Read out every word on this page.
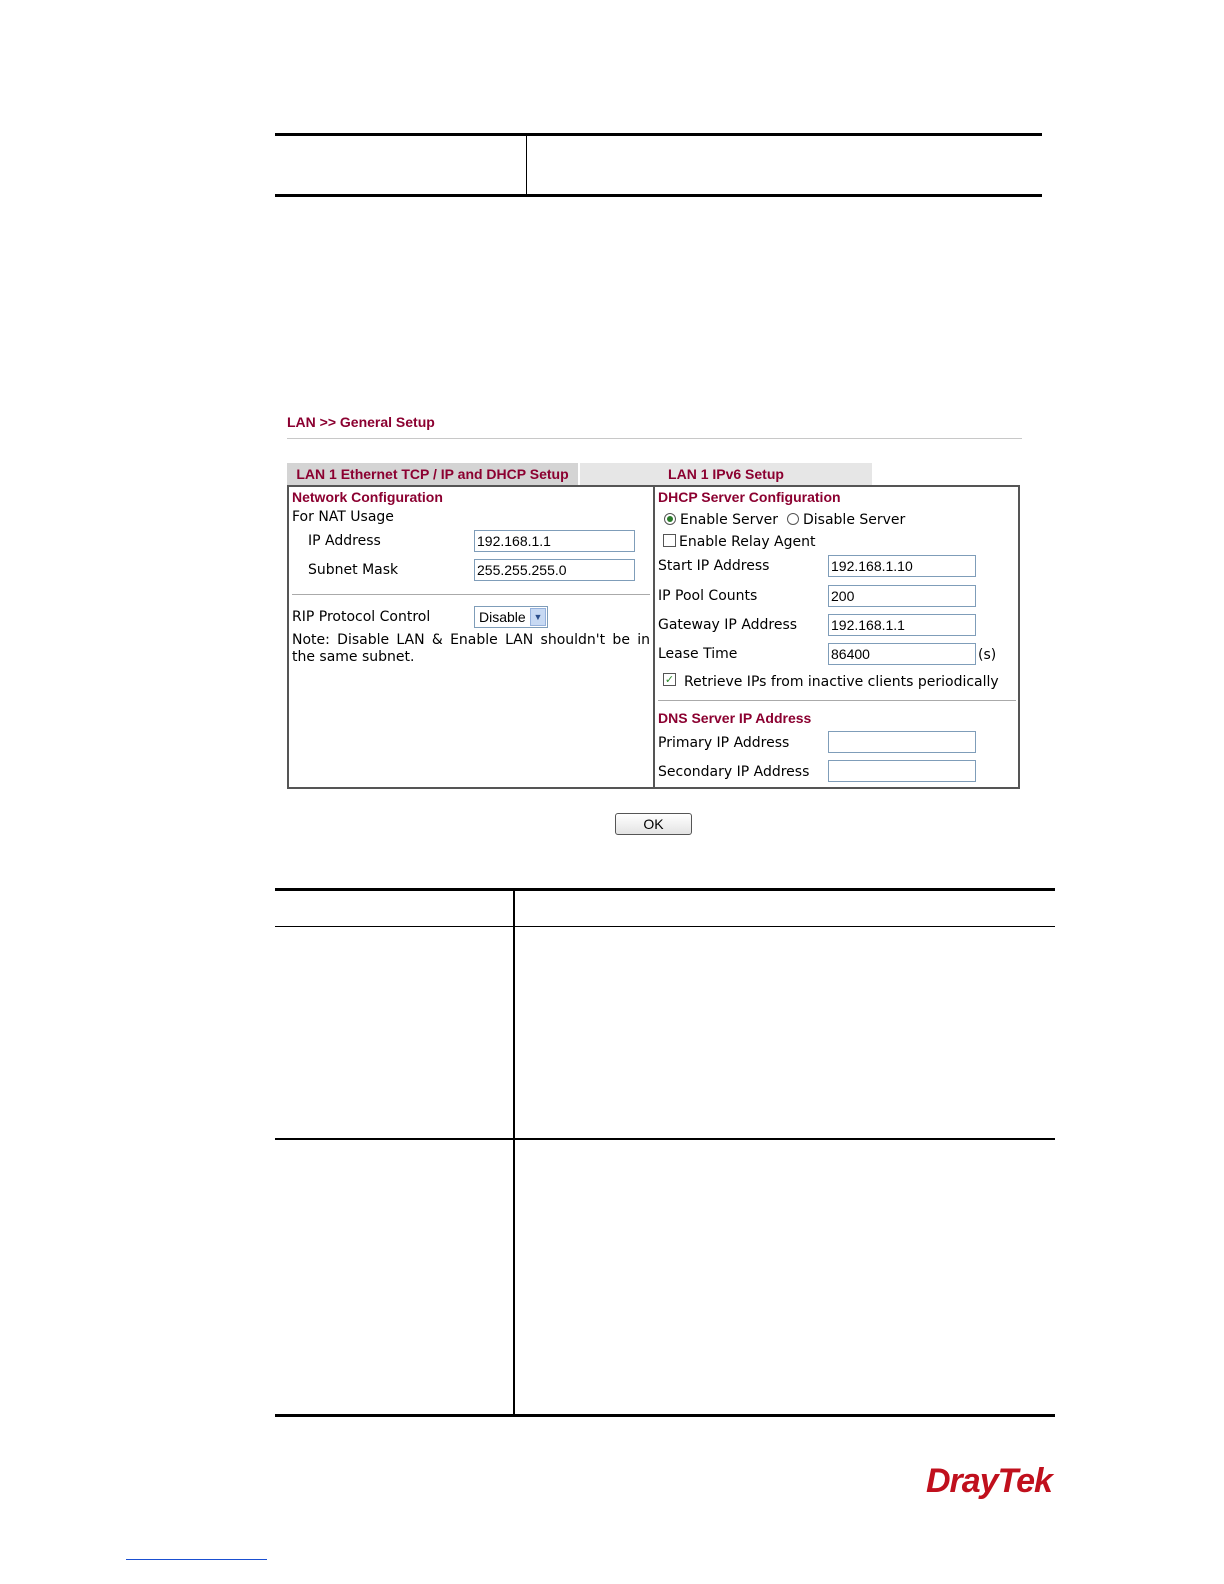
LAN >> General Setup
LAN 1 Ethernet TCP / IP and DHCP Setup	LAN 1 IPv6 Setup
Network Configuration
For NAT Usage
IP Address	192.168.1.1
Subnet Mask	255.255.255.0
RIP Protocol Control	Disable ▼
Note: Disable LAN & Enable LAN shouldn't be in the same subnet.
DHCP Server Configuration
Enable Server Disable Server
Enable Relay Agent
Start IP Address	192.168.1.10
IP Pool Counts	200
Gateway IP Address 192.168.1.1
Lease Time	86400	(s)
✓ Retrieve IPs from inactive clients periodically
DNS Server IP Address
Primary IP Address
Secondary IP Address
OK
DrayTek
